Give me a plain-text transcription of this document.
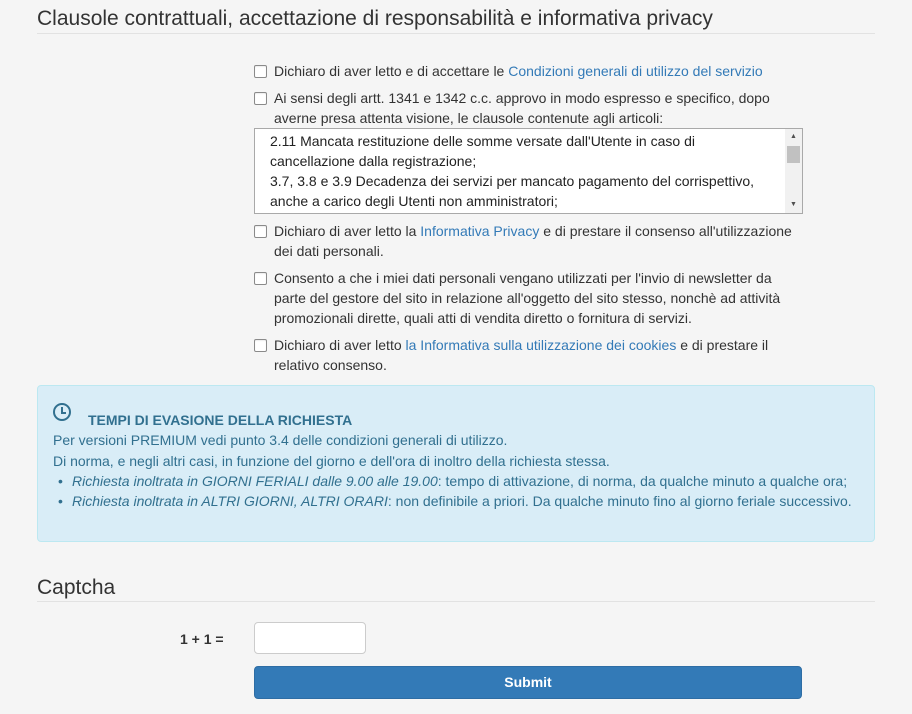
Clausole contrattuali, accettazione di responsabilità e informativa privacy
Dichiaro di aver letto e di accettare le Condizioni generali di utilizzo del servizio
Ai sensi degli artt. 1341 e 1342 c.c. approvo in modo espresso e specifico, dopo averne presa attenta visione, le clausole contenute agli articoli:
2.11 Mancata restituzione delle somme versate dall'Utente in caso di cancellazione dalla registrazione;
3.7, 3.8 e 3.9 Decadenza dei servizi per mancato pagamento del corrispettivo, anche a carico degli Utenti non amministratori;
▲
▼
Dichiaro di aver letto la Informativa Privacy e di prestare il consenso all'utilizzazione dei dati personali.
Consento a che i miei dati personali vengano utilizzati per l'invio di newsletter da parte del gestore del sito in relazione all'oggetto del sito stesso, nonchè ad attività promozionali dirette, quali atti di vendita diretto o fornitura di servizi.
Dichiaro di aver letto la Informativa sulla utilizzazione dei cookies e di prestare il relativo consenso.
TEMPI DI EVASIONE DELLA RICHIESTA
Per versioni PREMIUM vedi punto 3.4 delle condizioni generali di utilizzo.
Di norma, e negli altri casi, in funzione del giorno e dell'ora di inoltro della richiesta stessa.
• Richiesta inoltrata in GIORNI FERIALI dalle 9.00 alle 19.00: tempo di attivazione, di norma, da qualche minuto a qualche ora;
• Richiesta inoltrata in ALTRI GIORNI, ALTRI ORARI: non definibile a priori. Da qualche minuto fino al giorno feriale successivo.
Captcha
1 + 1 =
Submit
